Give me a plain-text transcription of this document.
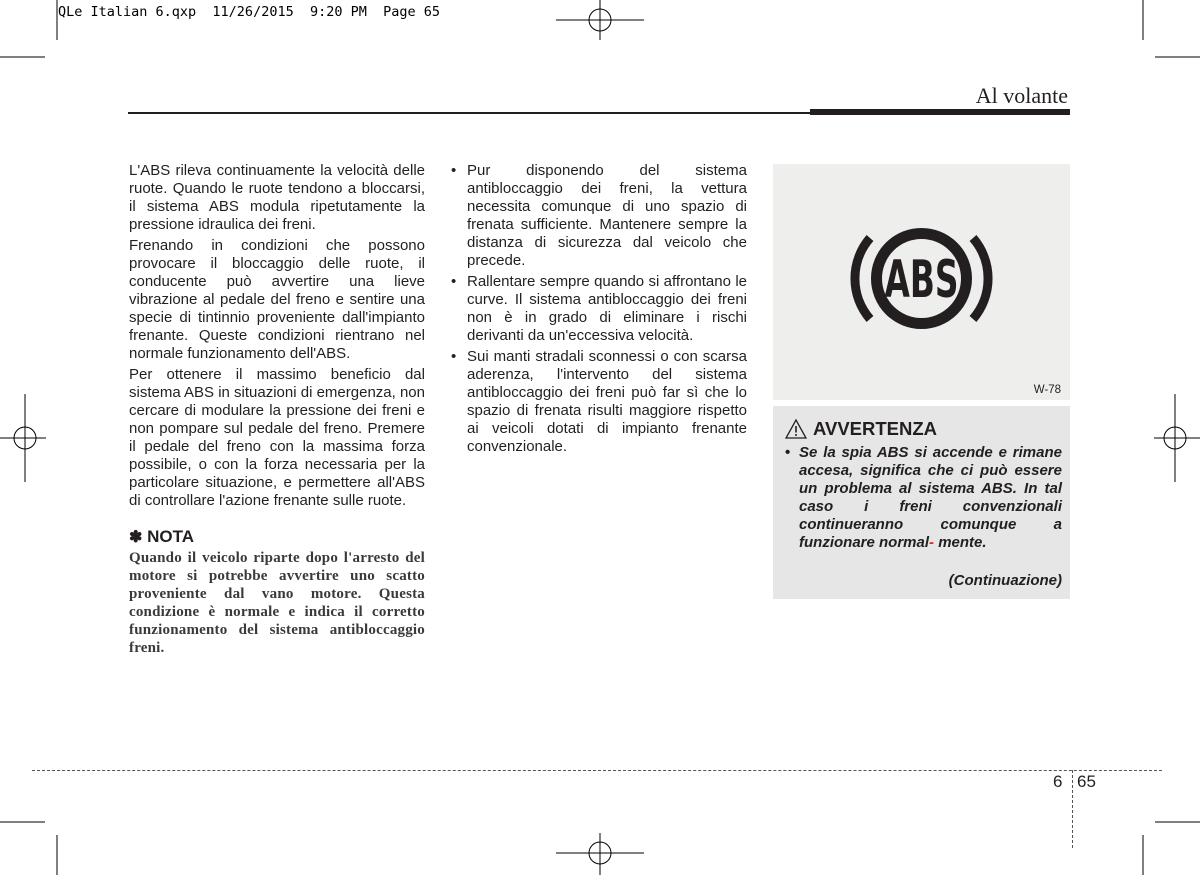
QLe Italian 6.qxp  11/26/2015  9:20 PM  Page 65
Al volante

L'ABS rileva continuamente la velocità delle ruote. Quando le ruote tendono a bloccarsi, il sistema ABS modula ripetutamente la pressione idraulica dei freni.

Frenando in condizioni che possono provocare il bloccaggio delle ruote, il conducente può avvertire una lieve vibrazione al pedale del freno e sentire una specie di tintinnio proveniente dall'impianto frenante. Queste condizioni rientrano nel normale funzionamento dell'ABS.

Per ottenere il massimo beneficio dal sistema ABS in situazioni di emergenza, non cercare di modulare la pressione dei freni e non pompare sul pedale del freno. Premere il pedale del freno con la massima forza possibile, o con la forza necessaria per la particolare situazione, e permettere all'ABS di controllare l'azione frenante sulle ruote.

✽ NOTA
Quando il veicolo riparte dopo l'arresto del motore si potrebbe avvertire uno scatto proveniente dal vano motore. Questa condizione è normale e indica il corretto funzionamento del sistema antibloccaggio freni.
• Pur disponendo del sistema antibloccaggio dei freni, la vettura necessita comunque di uno spazio di frenata sufficiente. Mantenere sempre la distanza di sicurezza dal veicolo che precede.
• Rallentare sempre quando si affrontano le curve. Il sistema antibloccaggio dei freni non è in grado di eliminare i rischi derivanti da un'eccessiva velocità.
• Sui manti stradali sconnessi o con scarsa aderenza, l'intervento del sistema antibloccaggio dei freni può far sì che lo spazio di frenata risulti maggiore rispetto ai veicoli dotati di impianto frenante convenzionale.
ABS
W-78
AVVERTENZA
• Se la spia ABS si accende e rimane accesa, significa che ci può essere un problema al sistema ABS. In tal caso i freni convenzionali continueranno comunque a funzionare normal- mente.
(Continuazione)
6 65
